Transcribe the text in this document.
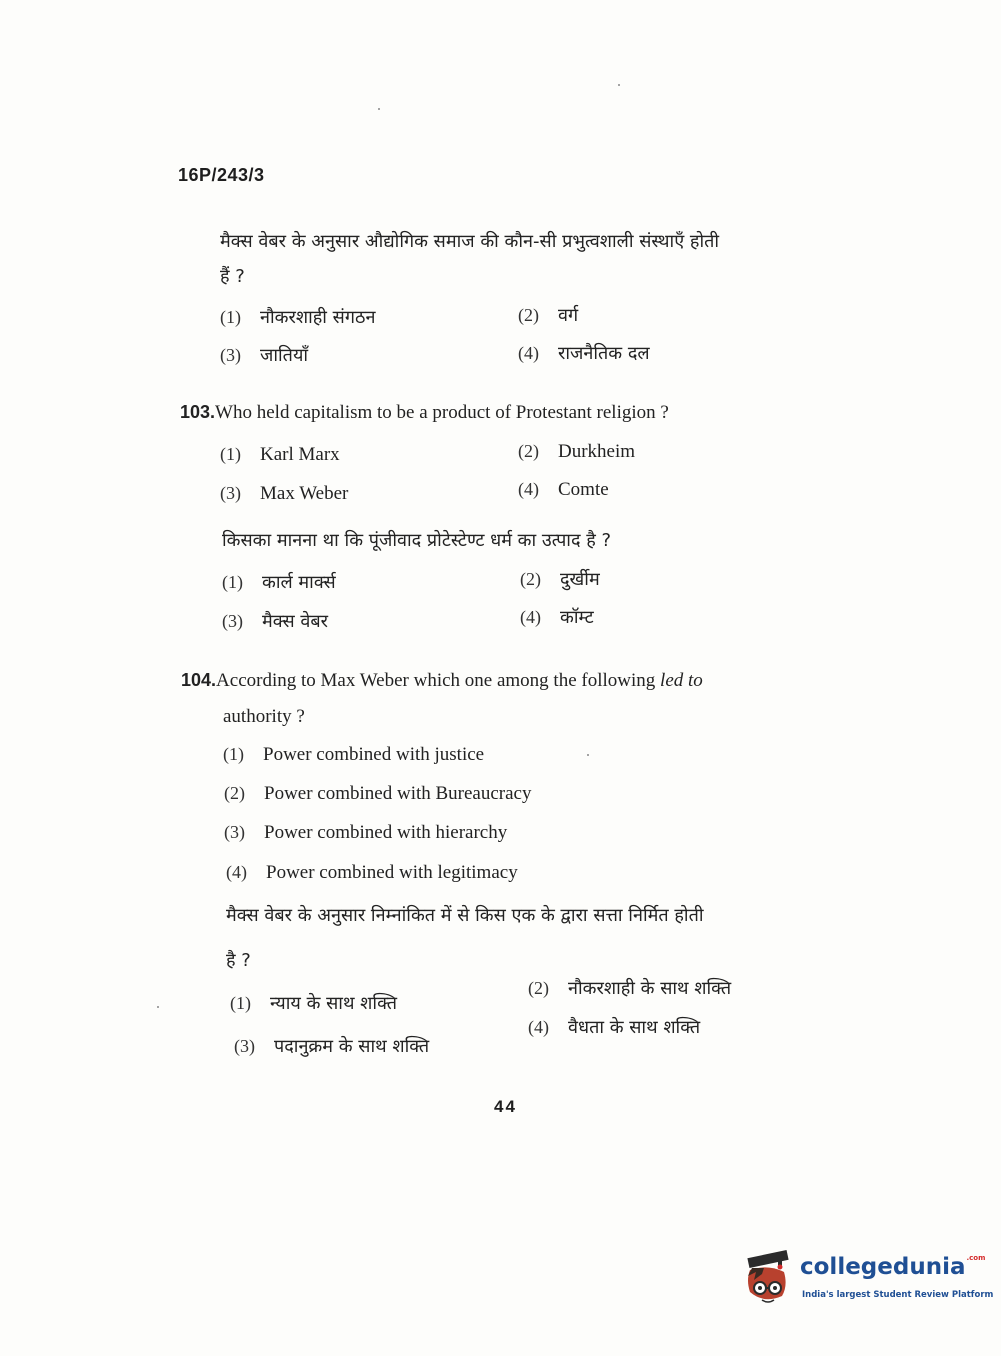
16P/243/3
मैक्स वेबर के अनुसार औद्योगिक समाज की कौन-सी प्रभुत्वशाली संस्थाएँ होती
हैं ?
(1) नौकरशाही संगठन	(2) वर्ग
(3) जातियाँ	(4) राजनैतिक दल
103.Who held capitalism to be a product of Protestant religion ?
(1) Karl Marx	(2) Durkheim
(3) Max Weber	(4) Comte
किसका मानना था कि पूंजीवाद प्रोटेस्टेण्ट धर्म का उत्पाद है ?
(1) कार्ल मार्क्स	(2) दुर्खीम
(3) मैक्स वेबर	(4) कॉम्ट
104.According to Max Weber which one among the following led to
authority ?
(1) Power combined with justice
(2) Power combined with Bureaucracy
(3) Power combined with hierarchy
(4) Power combined with legitimacy
मैक्स वेबर के अनुसार निम्नांकित में से किस एक के द्वारा सत्ता निर्मित होती
है ?
(1) न्याय के साथ शक्ति
(2) नौकरशाही के साथ शक्ति
(3) पदानुक्रम के साथ शक्ति
(4) वैधता के साथ शक्ति
44
collegedunia$^{.com}$
India's largest Student Review Platform
